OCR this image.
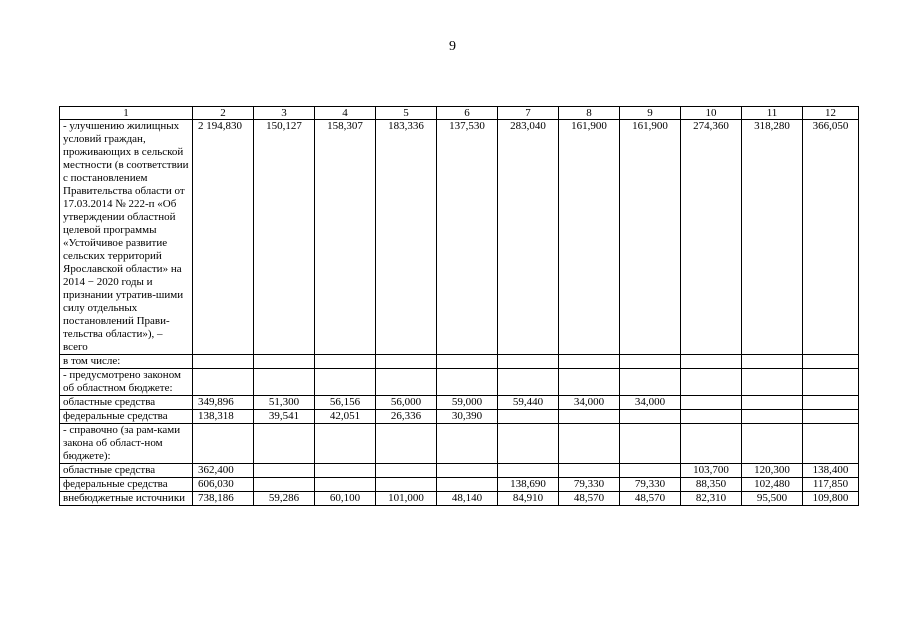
9
1	2	3	4	5	6	7	8	9	10	11	12
- улучшению жилищных условий граждан, проживающих в сельской местности (в соответствии с постановлением Правительства области от 17.03.2014 № 222-п «Об утверждении областной целевой программы «Устойчивое развитие сельских территорий Ярославской области» на 2014 − 2020 годы и признании утратив-шими силу отдельных постановлений Прави-тельства области»), – всего	2 194,830	150,127	158,307	183,336	137,530	283,040	161,900	161,900	274,360	318,280	366,050
в том числе:											
- предусмотрено законом об областном бюджете:											
областные средства	349,896	51,300	56,156	56,000	59,000	59,440	34,000	34,000			
федеральные средства	138,318	39,541	42,051	26,336	30,390						
- справочно (за рам-ками закона об област-ном бюджете):											
областные средства	362,400								103,700	120,300	138,400
федеральные средства	606,030					138,690	79,330	79,330	88,350	102,480	117,850
внебюджетные источники	738,186	59,286	60,100	101,000	48,140	84,910	48,570	48,570	82,310	95,500	109,800
